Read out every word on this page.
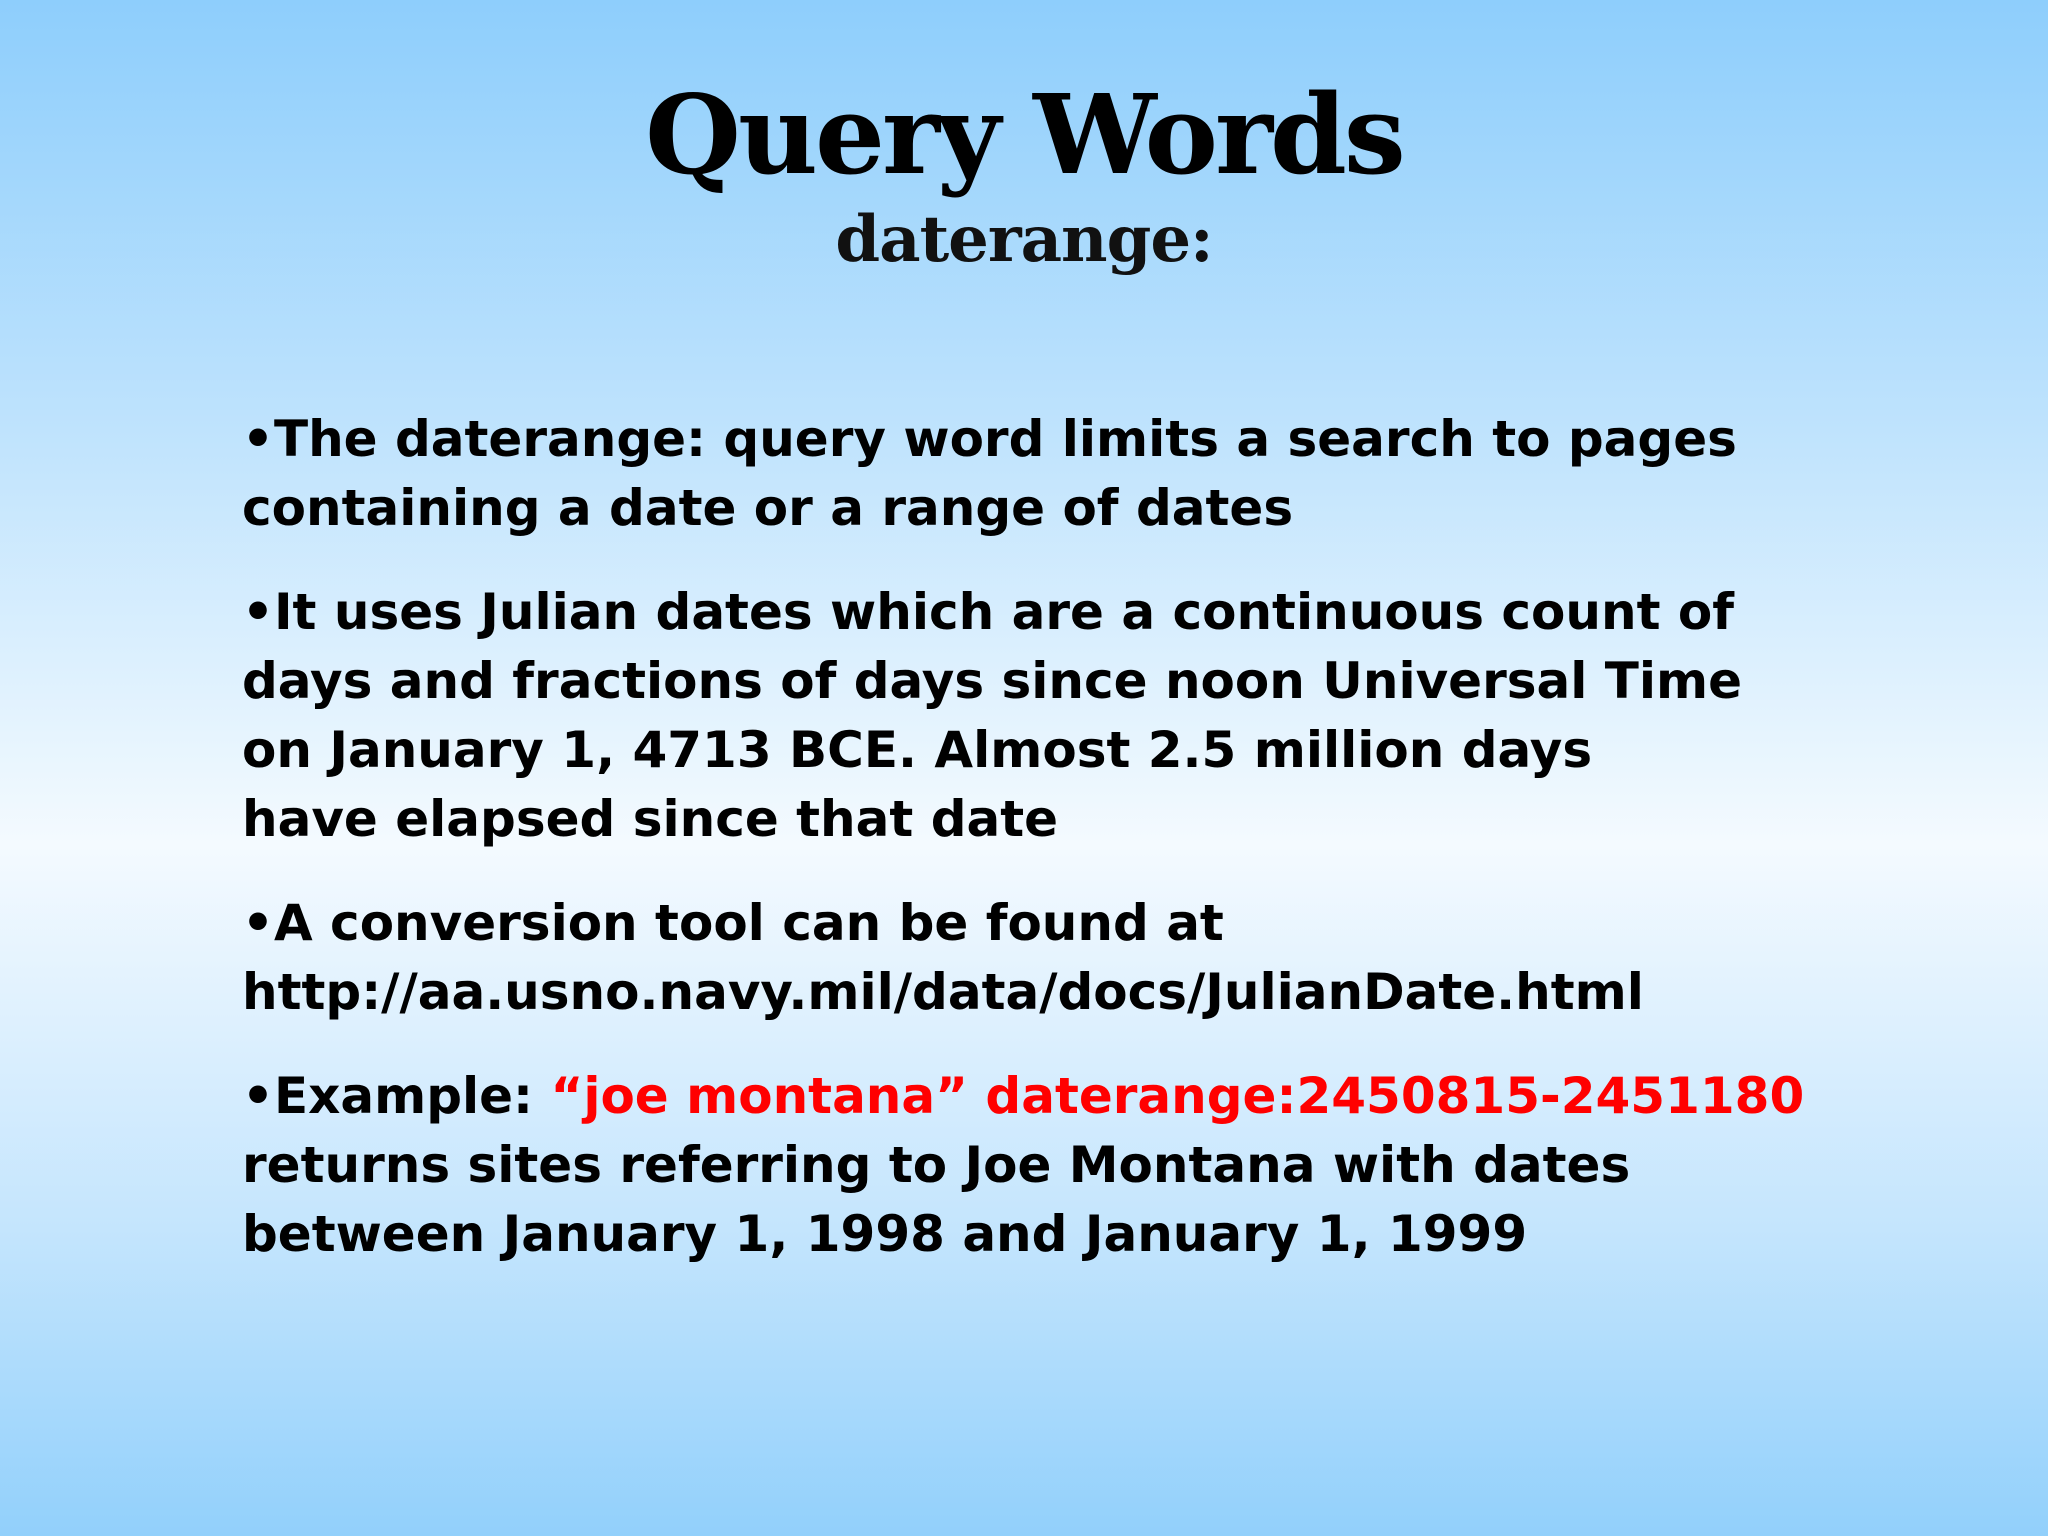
Query Words
daterange:
•The daterange: query word limits a search to pages
containing a date or a range of dates
•It uses Julian dates which are a continuous count of
days and fractions of days since noon Universal Time
on January 1, 4713 BCE. Almost 2.5 million days
have elapsed since that date
•A conversion tool can be found at
http://aa.usno.navy.mil/data/docs/JulianDate.html
•Example: “joe montana” daterange:2450815-2451180
returns sites referring to Joe Montana with dates
between January 1, 1998 and January 1, 1999
